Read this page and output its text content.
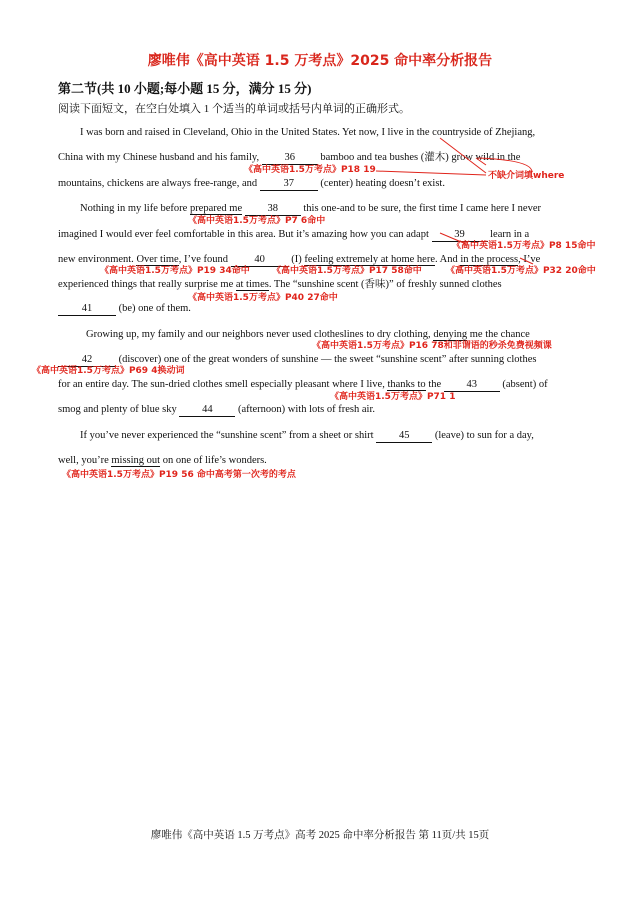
廖唯伟《高中英语 1.5 万考点》2025 命中率分析报告
第二节(共 10 小题;每小题 15 分，满分 15 分)
阅读下面短文，在空白处填入 1 个适当的单词或括号内单词的正确形式。
I was born and raised in Cleveland, Ohio in the United States. Yet now, I live in the countryside of Zhejiang,
China with my Chinese husband and his family, 36 bamboo and tea bushes (灌木) grow wild in the
mountains, chickens are always free-range, and	37	(center) heating doesn’t exist.
Nothing in my life before prepared me 38 this one-and to be sure, the first time I came here I never
imagined I would ever feel comfortable in this area. But it’s amazing how you can adapt 39 learn in a
new environment. Over time, I’ve found	40	(I) feeling extremely at home here. And in the process, I’ve
experienced things that really surprise me at times. The “sunshine scent (香味)” of freshly sunned clothes
41	(be) one of them.
Growing up, my family and our neighbors never used clotheslines to dry clothing, denying me the chance
42	(discover) one of the great wonders of sunshine — the sweet “sunshine scent” after sunning clothes
for an entire day. The sun-dried clothes smell especially pleasant where I live, thanks to the 43 (absent) of
smog and plenty of blue sky 44 (afternoon) with lots of fresh air.
If you’ve never experienced the “sunshine scent” from a sheet or shirt 45 (leave) to sun for a day,
well, you’re missing out on one of life’s wonders.
《高中英语1.5万考点》P18 19
不缺介词填where
《高中英语1.5万考点》P7 6命中
《高中英语1.5万考点》P8 15命中
《高中英语1.5万考点》P19 34命中 《高中英语1.5万考点》P17 58命中	《高中英语1.5万考点》P32 20命中
《高中英语1.5万考点》P40 27命中
《高中英语1.5万考点》P16 78和非谓语的秒杀免费视频课
《高中英语1.5万考点》P69 4换动词
《高中英语1.5万考点》P71 1
《高中英语1.5万考点》P19 56 命中高考第一次考的考点
廖唯伟《高中英语 1.5 万考点》高考 2025 命中率分析报告 第 11页/共 15页
